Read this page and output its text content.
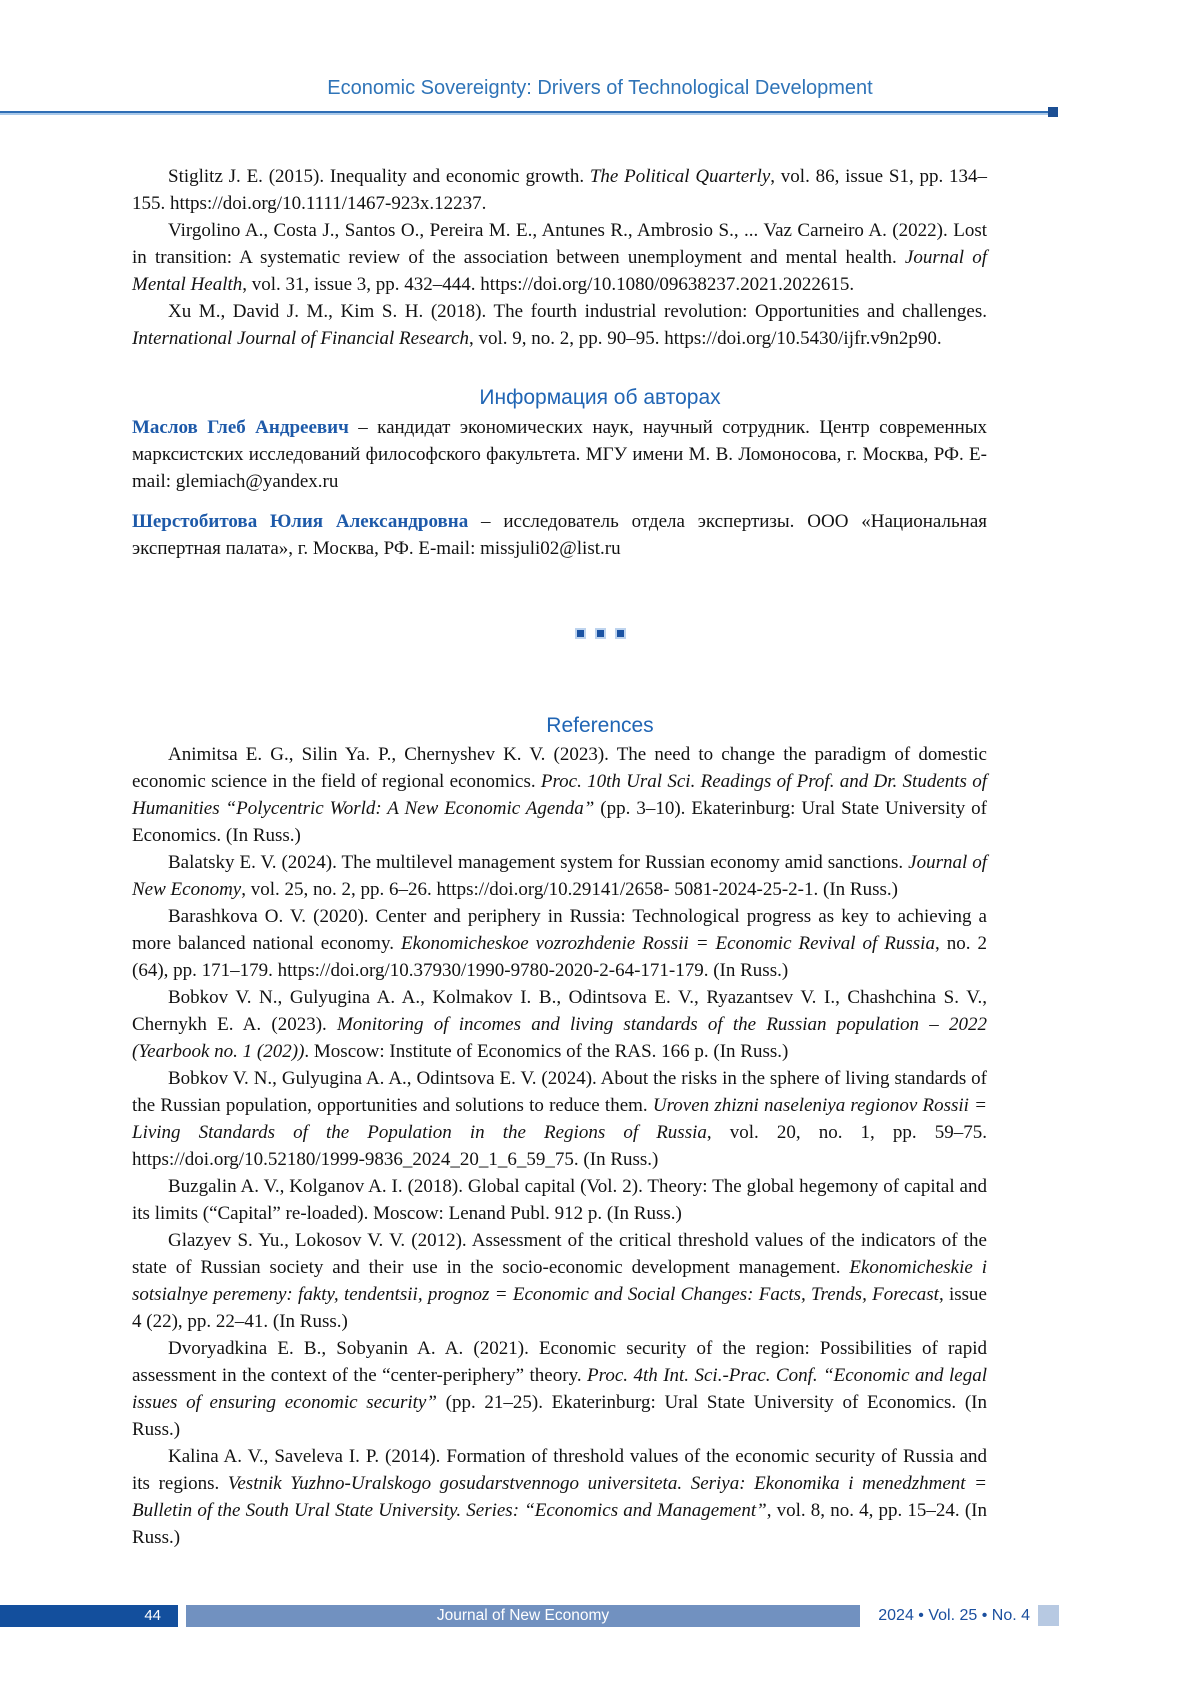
Economic Sovereignty: Drivers of Technological Development

Stiglitz J. E. (2015). Inequality and economic growth. The Political Quarterly, vol. 86, issue S1, pp. 134–155. https://doi.org/10.1111/1467-923x.12237.

Virgolino A., Costa J., Santos O., Pereira M. E., Antunes R., Ambrosio S., ... Vaz Carneiro A. (2022). Lost in transition: A systematic review of the association between unemployment and mental health. Journal of Mental Health, vol. 31, issue 3, pp. 432–444. https://doi.org/10.1080/09638237.2021.2022615.

Xu M., David J. M., Kim S. H. (2018). The fourth industrial revolution: Opportunities and challenges. International Journal of Financial Research, vol. 9, no. 2, pp. 90–95. https://doi.org/10.5430/ijfr.v9n2p90.

Информация об авторах

Маслов Глеб Андреевич – кандидат экономических наук, научный сотрудник. Центр современных марксистских исследований философского факультета. МГУ имени М. В. Ломоносова, г. Москва, РФ. E-mail: glemiach@yandex.ru

Шерстобитова Юлия Александровна – исследователь отдела экспертизы. ООО «Национальная экспертная палата», г. Москва, РФ. E-mail: missjuli02@list.ru

References

Animitsa E. G., Silin Ya. P., Chernyshev K. V. (2023). The need to change the paradigm of domestic economic science in the field of regional economics. Proc. 10th Ural Sci. Readings of Prof. and Dr. Students of Humanities “Polycentric World: A New Economic Agenda” (pp. 3–10). Ekaterinburg: Ural State University of Economics. (In Russ.)

Balatsky E. V. (2024). The multilevel management system for Russian economy amid sanctions. Journal of New Economy, vol. 25, no. 2, pp. 6–26. https://doi.org/10.29141/2658- 5081-2024-25-2-1. (In Russ.)

Barashkova O. V. (2020). Center and periphery in Russia: Technological progress as key to achieving a more balanced national economy. Ekonomicheskoe vozrozhdenie Rossii = Economic Revival of Russia, no. 2 (64), pp. 171–179. https://doi.org/10.37930/1990-9780-2020-2-64-171-179. (In Russ.)

Bobkov V. N., Gulyugina A. A., Kolmakov I. B., Odintsova E. V., Ryazantsev V. I., Chashchina S. V., Chernykh E. A. (2023). Monitoring of incomes and living standards of the Russian population – 2022 (Yearbook no. 1 (202)). Moscow: Institute of Economics of the RAS. 166 p. (In Russ.)

Bobkov V. N., Gulyugina A. A., Odintsova E. V. (2024). About the risks in the sphere of living standards of the Russian population, opportunities and solutions to reduce them. Uroven zhizni naseleniya regionov Rossii = Living Standards of the Population in the Regions of Russia, vol. 20, no. 1, pp. 59–75. https://doi.org/10.52180/1999-9836_2024_20_1_6_59_75. (In Russ.)

Buzgalin A. V., Kolganov A. I. (2018). Global capital (Vol. 2). Theory: The global hegemony of capital and its limits (“Capital” re-loaded). Moscow: Lenand Publ. 912 p. (In Russ.)

Glazyev S. Yu., Lokosov V. V. (2012). Assessment of the critical threshold values of the indicators of the state of Russian society and their use in the socio-economic development management. Ekonomicheskie i sotsialnye peremeny: fakty, tendentsii, prognoz = Economic and Social Changes: Facts, Trends, Forecast, issue 4 (22), pp. 22–41. (In Russ.)

Dvoryadkina E. B., Sobyanin A. A. (2021). Economic security of the region: Possibilities of rapid assessment in the context of the “center-periphery” theory. Proc. 4th Int. Sci.-Prac. Conf. “Economic and legal issues of ensuring economic security” (pp. 21–25). Ekaterinburg: Ural State University of Economics. (In Russ.)

Kalina A. V., Saveleva I. P. (2014). Formation of threshold values of the economic security of Russia and its regions. Vestnik Yuzhno-Uralskogo gosudarstvennogo universiteta. Seriya: Ekonomika i menedzhment = Bulletin of the South Ural State University. Series: “Economics and Management”, vol. 8, no. 4, pp. 15–24. (In Russ.)

44	Journal of New Economy	2024 • Vol. 25 • No. 4
